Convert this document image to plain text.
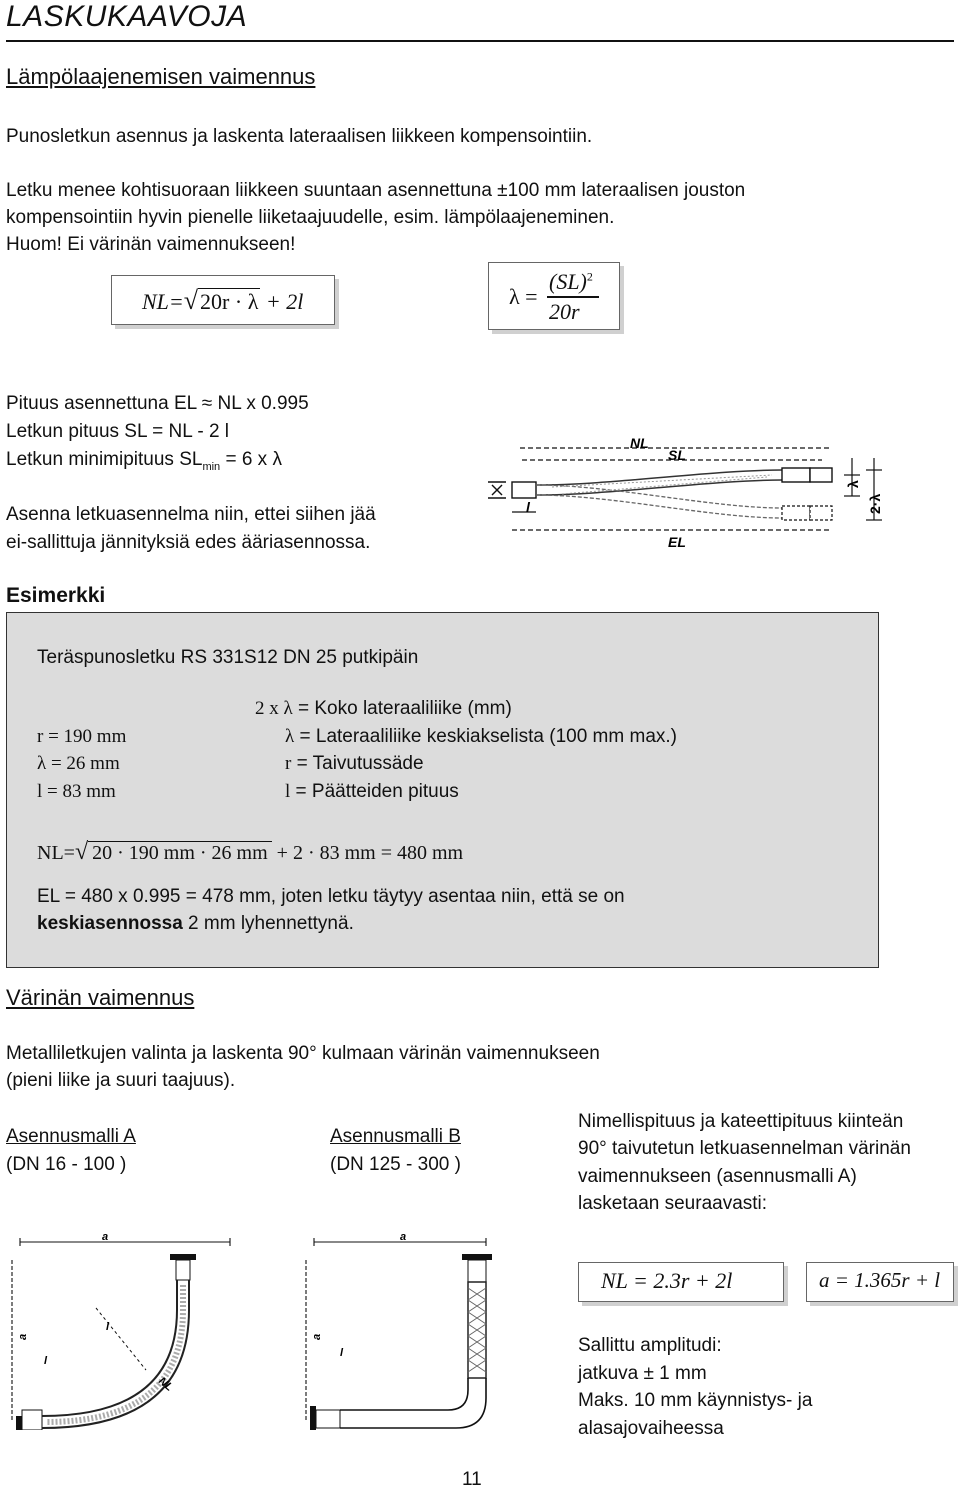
LASKUKAAVOJA
Lämpölaajenemisen vaimennus
Punosletkun asennus ja laskenta lateraalisen liikkeen kompensointiin.
Letku menee kohtisuoraan liikkeen suuntaan asennettuna ±100 mm lateraalisen jouston
kompensointiin hyvin pienelle liiketaajuudelle, esim. lämpölaajeneminen.
Huom! Ei värinän vaimennukseen!
NL=√20r · λ + 2l	λ =
(SL)$^2$
20r
Pituus asennettuna EL ≈ NL x 0.995
Letkun pituus SL = NL - 2 l
Letkun minimipituus $SL_{min} = 6$ x λ
Asenna letkuasennelma niin, ettei siihen jää
ei-sallittuja jännityksiä edes ääriasennossa.
NL
SL
l
EL
λ
2·λ
Esimerkki
Teräspunosletku RS 331S12 DN 25 putkipäin
r = 190 mm
λ = 26 mm
l = 83 mm
2 x λ = Koko lateraaliliike (mm)
λ = Lateraaliliike keskiakselista (100 mm max.)
r = Taivutussäde
l = Päätteiden pituus
NL=√ 20 · 190 mm · 26 mm + 2 · 83 mm = 480 mm
EL = 480 x 0.995 = 478 mm, joten letku täytyy asentaa niin, että se on
keskiasennossa 2 mm lyhennettynä.
Värinän vaimennus
Metalliletkujen valinta ja laskenta 90° kulmaan värinän vaimennukseen
(pieni liike ja suuri taajuus).
Asennusmalli A
(DN 16 - 100 )
Asennusmalli B
(DN 125 - 300 )
Nimellispituus ja kateettipituus kiinteän
90° taivutetun letkuasennelman värinän
vaimennukseen (asennusmalli A)
lasketaan seuraavasti:
NL = 2.3r + 2l	a = 1.365r + l
Sallittu amplitudi:
jatkuva ± 1 mm
Maks. 10 mm käynnistys- ja
alasajovaiheessa
a
a
l
l
NL
a
a
l
11
